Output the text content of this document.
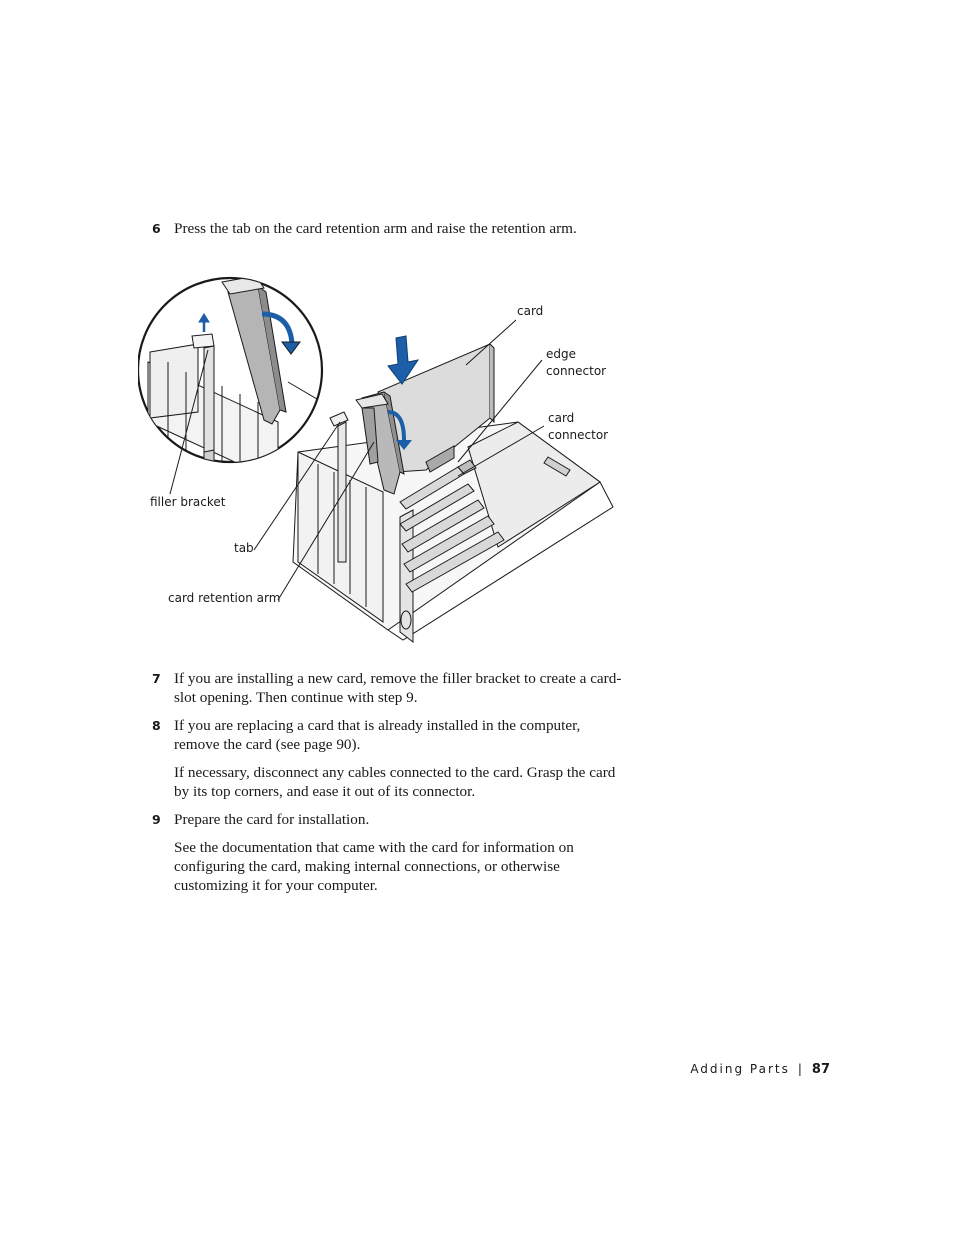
6 Press the tab on the card retention arm and raise the retention arm.
card
edge
connector
card
connector
filler bracket
tab
card retention arm
7 If you are installing a new card, remove the filler bracket to create a card-slot opening. Then continue with step 9.
8 If you are replacing a card that is already installed in the computer, remove the card (see page 90).
If necessary, disconnect any cables connected to the card. Grasp the card by its top corners, and ease it out of its connector.
9 Prepare the card for installation.
See the documentation that came with the card for information on configuring the card, making internal connections, or otherwise customizing it for your computer.
Adding Parts | 87
